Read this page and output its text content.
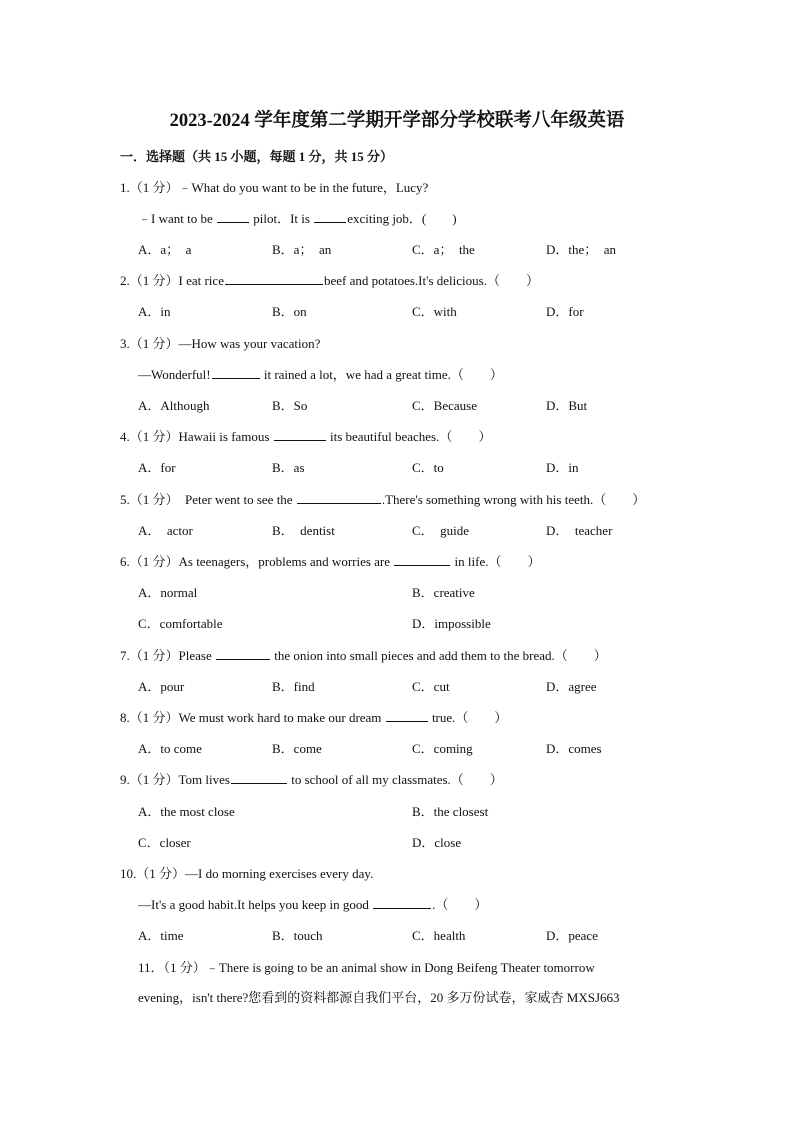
2023-2024 学年度第二学期开学部分学校联考八年级英语
一．选择题（共 15 小题，每题 1 分，共 15 分）
1.（1 分）﹣What do you want to be in the future，Lucy?
﹣I want to be	pilot．It is	exciting job．(　　)
A．a；　a	B．a；　an	C．a；　the	D．the；　an
2.（1 分）I eat rice	beef and potatoes.It's delicious.（　　）
A．in	B．on	C．with	D．for
3.（1 分）—How was your vacation?
—Wonderful!	it rained a lot，we had a great time.（　　）
A．Although	B．So	C．Because	D．But
4.（1 分）Hawaii is famous	its beautiful beaches.（　　）
A．for	B．as	C．to	D．in
5.（1 分）　Peter went to see the	.There's something wrong with his teeth.（　　）
A．　actor	B．　dentist	C．　guide	D．　teacher
6.（1 分）As teenagers，problems and worries are	in life.（　　）
A．normal	B．creative
C．comfortable	D．impossible
7.（1 分）Please	the onion into small pieces and add them to the bread.（　　）
A．pour	B．find	C．cut	D．agree
8.（1 分）We must work hard to make our dream	true.（　　）
A．to come	B．come	C．coming	D．comes
9.（1 分）Tom lives	to school of all my classmates.（　　）
A．the most close	B．the closest
C．closer	D．close
10.（1 分）—I do morning exercises every day.
—It's a good habit.It helps you keep in good	.（　　）
A．time	B．touch	C．health	D．peace
11．（1 分）﹣There is going to be an animal show in Dong Beifeng Theater tomorrow
evening，isn't there?您看到的资料都源自我们平台，20 多万份试卷，家威杏 MXSJ663
